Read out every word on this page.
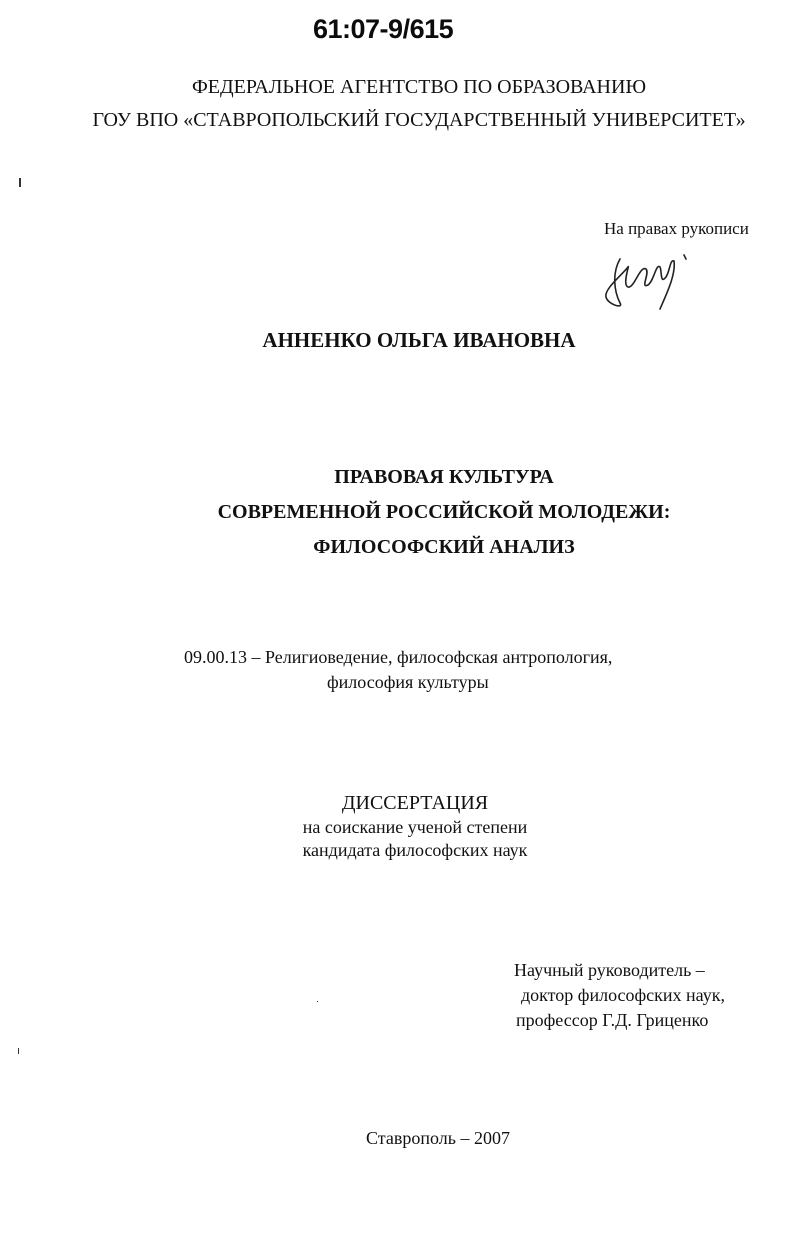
61:07-9/615
ФЕДЕРАЛЬНОЕ АГЕНТСТВО ПО ОБРАЗОВАНИЮ
ГОУ ВПО «СТАВРОПОЛЬСКИЙ ГОСУДАРСТВЕННЫЙ УНИВЕРСИТЕТ»
На правах рукописи
АННЕНКО ОЛЬГА ИВАНОВНА
ПРАВОВАЯ КУЛЬТУРА
СОВРЕМЕННОЙ РОССИЙСКОЙ МОЛОДЕЖИ:
ФИЛОСОФСКИЙ АНАЛИЗ
09.00.13 – Религиоведение, философская антропология,
философия культуры
ДИССЕРТАЦИЯ
на соискание ученой степени
кандидата философских наук
Научный руководитель –
доктор философских наук,
профессор Г.Д. Гриценко
Ставрополь – 2007
